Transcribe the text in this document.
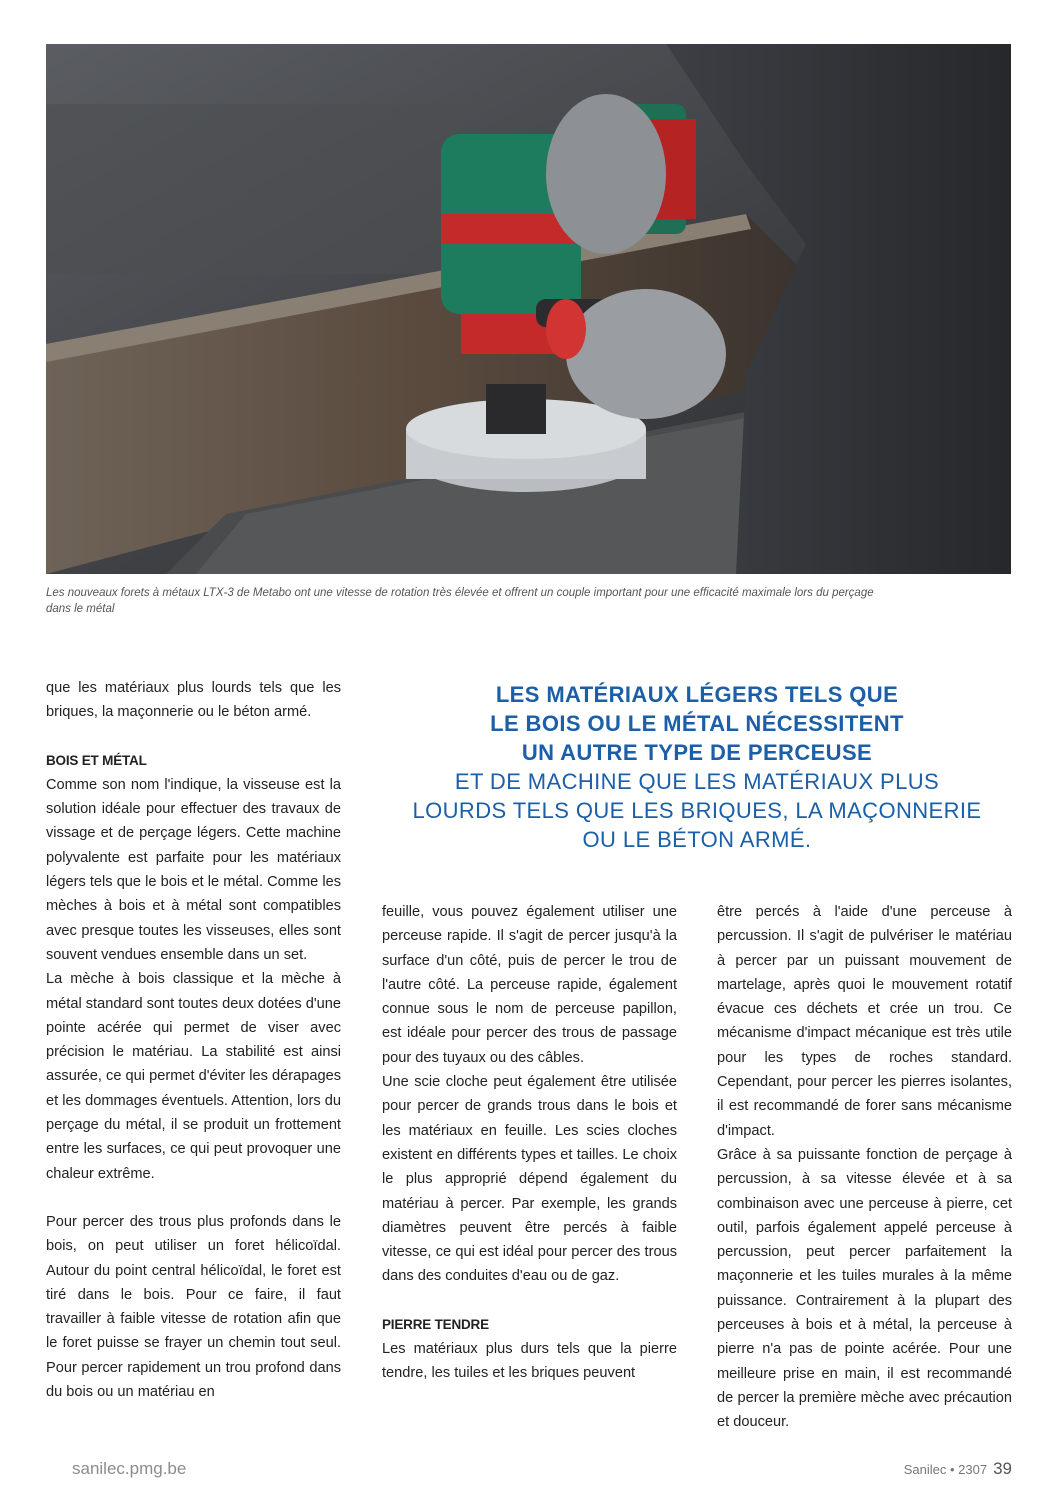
Les nouveaux forets à métaux LTX-3 de Metabo ont une vitesse de rotation très élevée et offrent un couple important pour une efficacité maximale lors du perçage dans le métal

que les matériaux plus lourds tels que les briques, la maçonnerie ou le béton armé.

BOIS ET MÉTAL

Comme son nom l'indique, la visseuse est la solution idéale pour effectuer des travaux de vissage et de perçage légers. Cette machine polyvalente est parfaite pour les matériaux légers tels que le bois et le métal. Comme les mèches à bois et à métal sont compatibles avec presque toutes les visseuses, elles sont souvent vendues ensemble dans un set.

La mèche à bois classique et la mèche à métal standard sont toutes deux dotées d'une pointe acérée qui permet de viser avec précision le matériau. La stabilité est ainsi assurée, ce qui permet d'éviter les dérapages et les dommages éventuels. Attention, lors du perçage du métal, il se produit un frottement entre les surfaces, ce qui peut provoquer une chaleur extrême.

Pour percer des trous plus profonds dans le bois, on peut utiliser un foret hélicoïdal. Autour du point central hélicoïdal, le foret est tiré dans le bois. Pour ce faire, il faut travailler à faible vitesse de rotation afin que le foret puisse se frayer un chemin tout seul. Pour percer rapidement un trou profond dans du bois ou un matériau en

LES MATÉRIAUX LÉGERS TELS QUE
LE BOIS OU LE MÉTAL NÉCESSITENT
UN AUTRE TYPE DE PERCEUSE
ET DE MACHINE QUE LES MATÉRIAUX PLUS
LOURDS TELS QUE LES BRIQUES, LA MAÇONNERIE
OU LE BÉTON ARMÉ.

feuille, vous pouvez également utiliser une perceuse rapide. Il s'agit de percer jusqu'à la surface d'un côté, puis de percer le trou de l'autre côté. La perceuse rapide, également connue sous le nom de perceuse papillon, est idéale pour percer des trous de passage pour des tuyaux ou des câbles.

Une scie cloche peut également être utilisée pour percer de grands trous dans le bois et les matériaux en feuille. Les scies cloches existent en différents types et tailles. Le choix le plus approprié dépend également du matériau à percer. Par exemple, les grands diamètres peuvent être percés à faible vitesse, ce qui est idéal pour percer des trous dans des conduites d'eau ou de gaz.

PIERRE TENDRE

Les matériaux plus durs tels que la pierre tendre, les tuiles et les briques peuvent

être percés à l'aide d'une perceuse à percussion. Il s'agit de pulvériser le matériau à percer par un puissant mouvement de martelage, après quoi le mouvement rotatif évacue ces déchets et crée un trou. Ce mécanisme d'impact mécanique est très utile pour les types de roches standard. Cependant, pour percer les pierres isolantes, il est recommandé de forer sans mécanisme d'impact.

Grâce à sa puissante fonction de perçage à percussion, à sa vitesse élevée et à sa combinaison avec une perceuse à pierre, cet outil, parfois également appelé perceuse à percussion, peut percer parfaitement la maçonnerie et les tuiles murales à la même puissance. Contrairement à la plupart des perceuses à bois et à métal, la perceuse à pierre n'a pas de pointe acérée. Pour une meilleure prise en main, il est recommandé de percer la première mèche avec précaution et douceur.

sanilec.pmg.be	Sanilec • 2307 39
